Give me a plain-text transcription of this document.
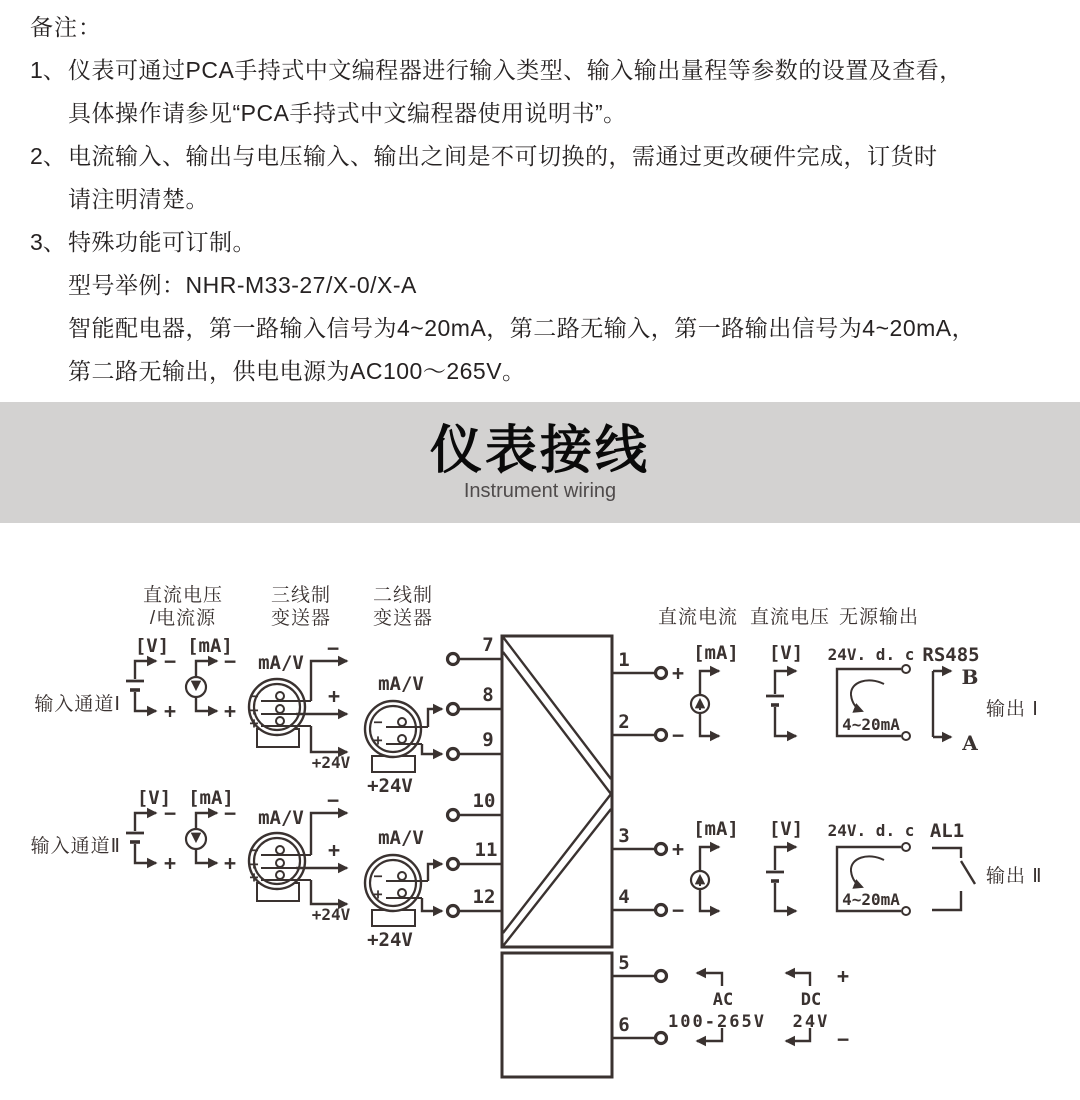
备注：
1、 仪表可通过PCA手持式中文编程器进行输入类型、输入输出量程等参数的设置及查看，
具体操作请参见“PCA手持式中文编程器使用说明书”。
2、 电流输入、输出与电压输入、输出之间是不可切换的，需通过更改硬件完成，订货时
请注明清楚。
3、 特殊功能可订制。
型号举例：NHR-M33-27/X-0/X-A
智能配电器，第一路输入信号为4~20mA，第二路无输入，第一路输出信号为4~20mA，
第二路无输出，供电电源为AC100～265V。
仪表接线
Instrument wiring
直流电压
/电流源
三线制
变送器
二线制
变送器	直流电流 直流电压 无源输出
输入通道Ⅰ
输入通道Ⅱ
输出 Ⅰ
输出 Ⅱ
[V]
−
+
[mA]
−
+
mA/V
−
+
+
−
+
+24V
mA/V
−
+
+24V
[V]
−
+
[mA]
−
+
mA/V
−
+
+
−
+
+24V
mA/V
−
+
+24V
7
8
9
10
11
12
1
+
2
−
3
+
4
−
5
6
[mA] [V] 24V. d. c
4~20mA
RS485
B
A
[mA] [V] 24V. d. c
4~20mA
AL1
AC
100-265V
DC
24V
+
−
